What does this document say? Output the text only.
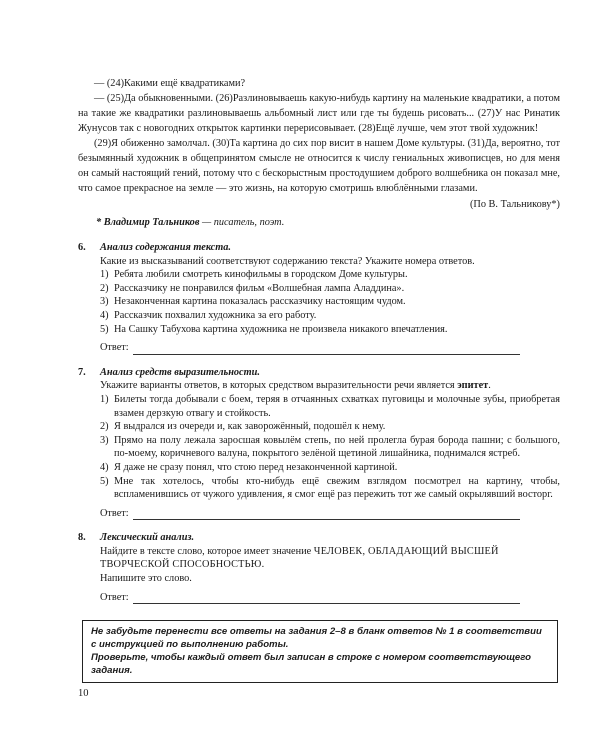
— (24)Какими ещё квадратиками?

— (25)Да обыкновенными. (26)Разлиновываешь какую-нибудь картину на маленькие квадратики, а потом на такие же квадратики разлиновываешь альбомный лист или где ты будешь рисовать... (27)У нас Ринатик Жунусов так с новогодних открыток картинки перерисовывает. (28)Ещё лучше, чем этот твой художник!

(29)Я обиженно замолчал. (30)Та картина до сих пор висит в нашем Доме культуры. (31)Да, вероятно, тот безымянный художник в общепринятом смысле не относится к числу гениальных живописцев, но для меня он самый настоящий гений, потому что с бескорыстным простодушием доброго волшебника он показал мне, что самое прекрасное на земле — это жизнь, на которую смотришь влюблёнными глазами.

(По В. Тальникову*)

* Владимир Тальников — писатель, поэт.

6. Анализ содержания текста.

Какие из высказываний соответствуют содержанию текста? Укажите номера ответов.

1) Ребята любили смотреть кинофильмы в городском Доме культуры.
2) Рассказчику не понравился фильм «Волшебная лампа Аладдина».
3) Незаконченная картина показалась рассказчику настоящим чудом.
4) Рассказчик похвалил художника за его работу.
5) На Сашку Табухова картина художника не произвела никакого впечатления.
Ответ:
7. Анализ средств выразительности.

Укажите варианты ответов, в которых средством выразительности речи является эпитет.

1) Билеты тогда добывали с боем, теряя в отчаянных схватках пуговицы и молочные зубы, приобретая взамен дерзкую отвагу и стойкость.
2) Я выдрался из очереди и, как заворожённый, подошёл к нему.
3) Прямо на полу лежала заросшая ковылём степь, по ней пролегла бурая борода пашни; с большого, по-моему, коричневого валуна, покрытого зелёной щетиной лишайника, поднимался ястреб.
4) Я даже не сразу понял, что стою перед незаконченной картиной.
5) Мне так хотелось, чтобы кто-нибудь ещё свежим взглядом посмотрел на картину, чтобы, вспламенившись от чужого удивления, я смог ещё раз пережить тот же самый окрылявший восторг.
Ответ:
8. Лексический анализ.

Найдите в тексте слово, которое имеет значение ЧЕЛОВЕК, ОБЛАДАЮЩИЙ ВЫСШЕЙ ТВОРЧЕСКОЙ СПОСОБНОСТЬЮ.

Напишите это слово.

Ответ:

Не забудьте перенести все ответы на задания 2–8 в бланк ответов № 1 в соответствии с инструкцией по выполнению работы.

Проверьте, чтобы каждый ответ был записан в строке с номером соответствующего задания.

10
